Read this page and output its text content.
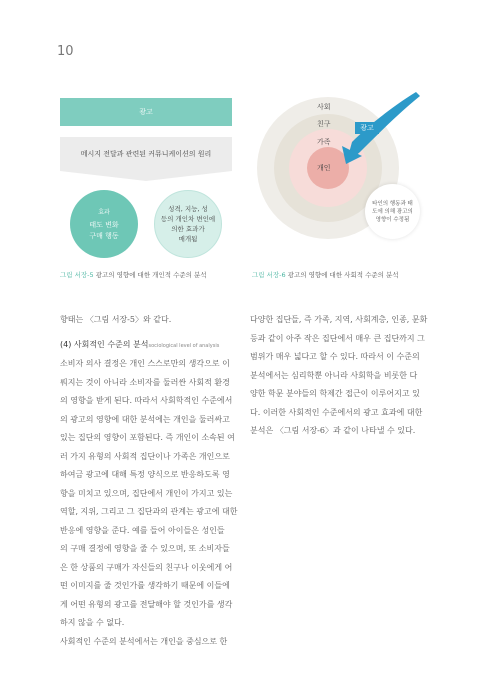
10
광고
메시지 전달과 관련된 커뮤니케이션의 원리
효과
태도 변화
구매 행동
성격, 지능, 성
등의 개인차 변인에
의한 효과가
매개됨
그림 서장-5 광고의 영향에 대한 개인적 수준의 분석
사회
친구
가족
개인
광고
타인의 행동과 태
도에 의해 광고의
영향이 수정됨
그림 서장-6 광고의 영향에 대한 사회적 수준의 분석

향태는 〈그림 서장-5〉와 같다.

(4) 사회적인 수준의 분석sociological level of analysis

소비자 의사 결정은 개인 스스로만의 생각으로 이

뤄지는 것이 아니라 소비자를 둘러싼 사회적 환경

의 영향을 받게 된다. 따라서 사회학적인 수준에서

의 광고의 영향에 대한 분석에는 개인을 둘러싸고

있는 집단의 영향이 포함된다. 즉 개인이 소속된 여

러 가지 유형의 사회적 집단이나 가족은 개인으로

하여금 광고에 대해 특정 양식으로 반응하도록 영

향을 미치고 있으며, 집단에서 개인이 가지고 있는

역할, 지위, 그리고 그 집단과의 관계는 광고에 대한

반응에 영향을 준다. 예를 들어 아이들은 성인들

의 구매 결정에 영향을 줄 수 있으며, 또 소비자들

은 한 상품의 구매가 자신들의 친구나 이웃에게 어

떤 이미지를 줄 것인가를 생각하기 때문에 이들에

게 어떤 유형의 광고를 전달해야 할 것인가를 생각

하지 않을 수 없다.

사회적인 수준의 분석에서는 개인을 중심으로 한

다양한 집단들, 즉 가족, 지역, 사회계층, 인종, 문화

등과 같이 아주 작은 집단에서 매우 큰 집단까지 그

범위가 매우 넓다고 할 수 있다. 따라서 이 수준의

분석에서는 심리학뿐 아니라 사회학을 비롯한 다

양한 학문 분야들의 학제간 접근이 이루어지고 있

다. 이러한 사회적인 수준에서의 광고 효과에 대한

분석은 〈그림 서장-6〉과 같이 나타낼 수 있다.
